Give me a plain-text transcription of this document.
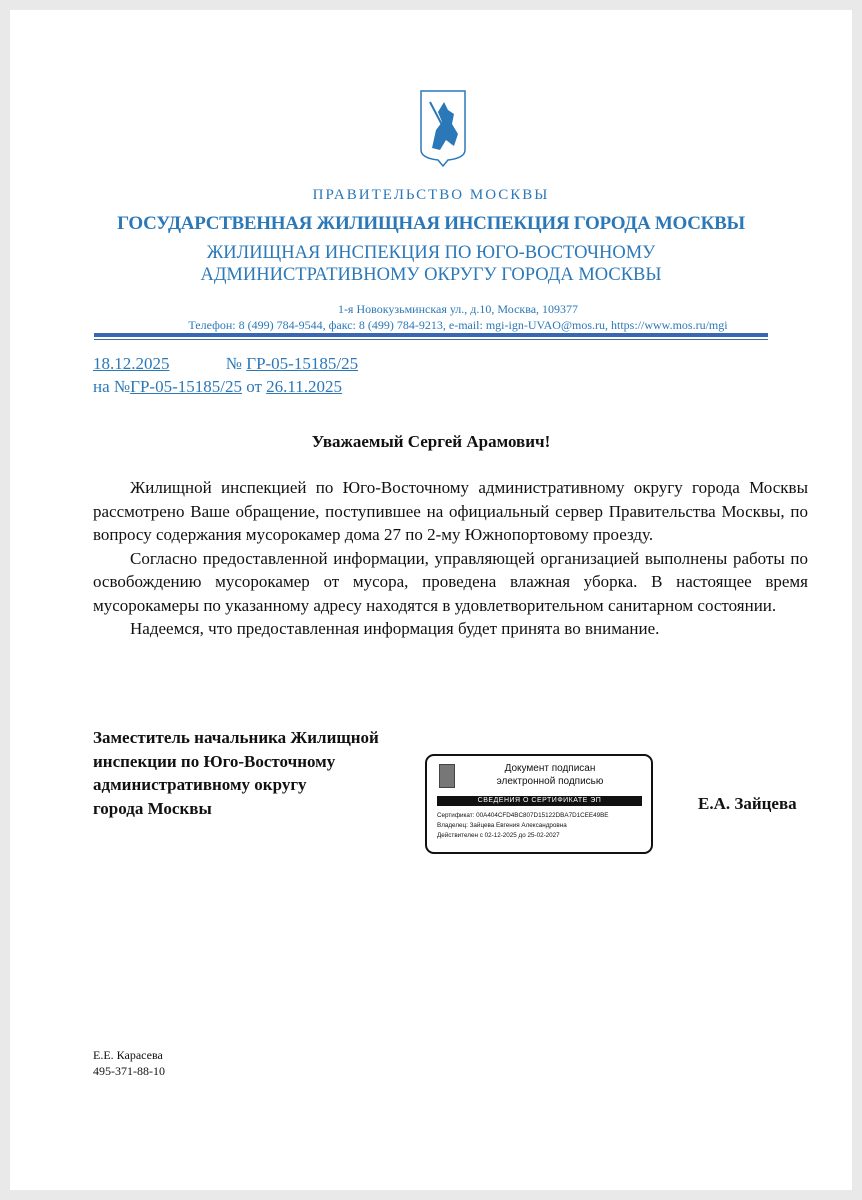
ПРАВИТЕЛЬСТВО МОСКВЫ
ГОСУДАРСТВЕННАЯ ЖИЛИЩНАЯ ИНСПЕКЦИЯ ГОРОДА МОСКВЫ
ЖИЛИЩНАЯ ИНСПЕКЦИЯ ПО ЮГО-ВОСТОЧНОМУ
АДМИНИСТРАТИВНОМУ ОКРУГУ ГОРОДА МОСКВЫ
1-я Новокузьминская ул., д.10, Москва, 109377
Телефон: 8 (499) 784-9544, факс: 8 (499) 784-9213, e-mail: mgi-ign-UVAO@mos.ru, https://www.mos.ru/mgi
18.12.2025	№ ГР-05-15185/25
на №ГР-05-15185/25 от 26.11.2025
Уважаемый Сергей Арамович!

Жилищной инспекцией по Юго-Восточному административному округу города Москвы рассмотрено Ваше обращение, поступившее на официальный сервер Правительства Москвы, по вопросу содержания мусорокамер дома 27 по 2-му Южнопортовому проезду.

Согласно предоставленной информации, управляющей организацией выполнены работы по освобождению мусорокамер от мусора, проведена влажная уборка. В настоящее время мусорокамеры по указанному адресу находятся в удовлетворительном санитарном состоянии.

Надеемся, что предоставленная информация будет принята во внимание.

Заместитель начальника Жилищной
инспекции по Юго-Восточному
административному округу
города Москвы
Документ подписан
электронной подписью
СВЕДЕНИЯ О СЕРТИФИКАТЕ ЭП
Сертификат: 00A404CFD4BC807D15122DBA7D1CEE49BE
Владелец: Зайцева Евгения Александровна
Действителен с 02-12-2025 до 25-02-2027
Е.А. Зайцева
Е.Е. Карасева
495-371-88-10
